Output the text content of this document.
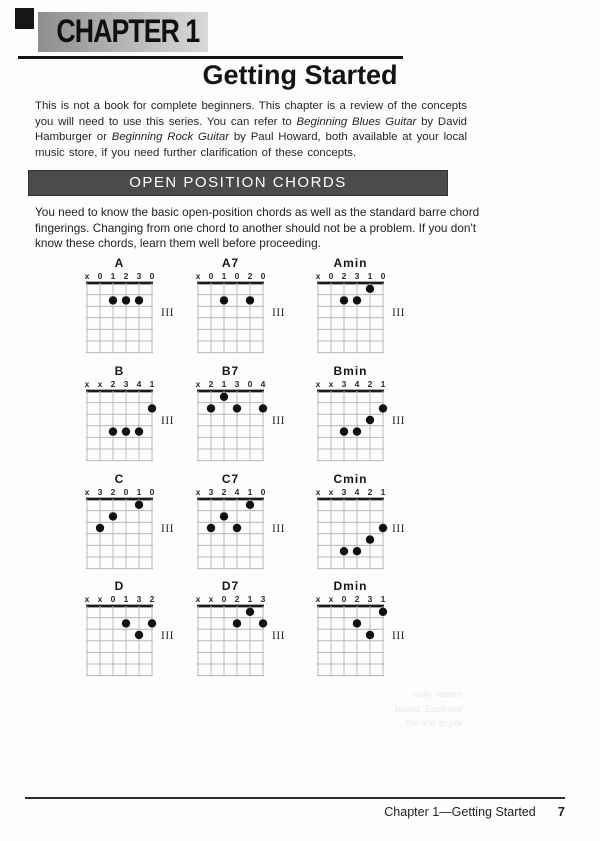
CHAPTER 1
Getting Started
This is not a book for complete beginners. This chapter is a review of the concepts you will need to use this series. You can refer to Beginning Blues Guitar by David Hamburger or Beginning Rock Guitar by Paul Howard, both available at your local music store, if you need further clarification of these concepts.
OPEN POSITION CHORDS
You need to know the basic open-position chords as well as the standard barre chord fingerings. Changing from one chord to another should not be a problem. If you don't know these chords, learn them well before proceeding.
A
x 0 1 2 3 0
III
A7
x 0 1 0 2 0
III
Amin
x 0 2 3 1 0
III
B
x x 2 3 4 1
III
B7
x 2 1 3 0 4
III
Bmin
x x 3 4 2 1
III
C
x 3 2 0 1 0
III
C7
x 3 2 4 1 0
III
Cmin
x x 3 4 2 1
III
D
x x 0 1 3 2
III
D7
x x 0 2 1 3
III
Dmin
x x 0 2 3 1
III
cally repres
board. Each not
the line to pla
Chapter 1—Getting Started 7
